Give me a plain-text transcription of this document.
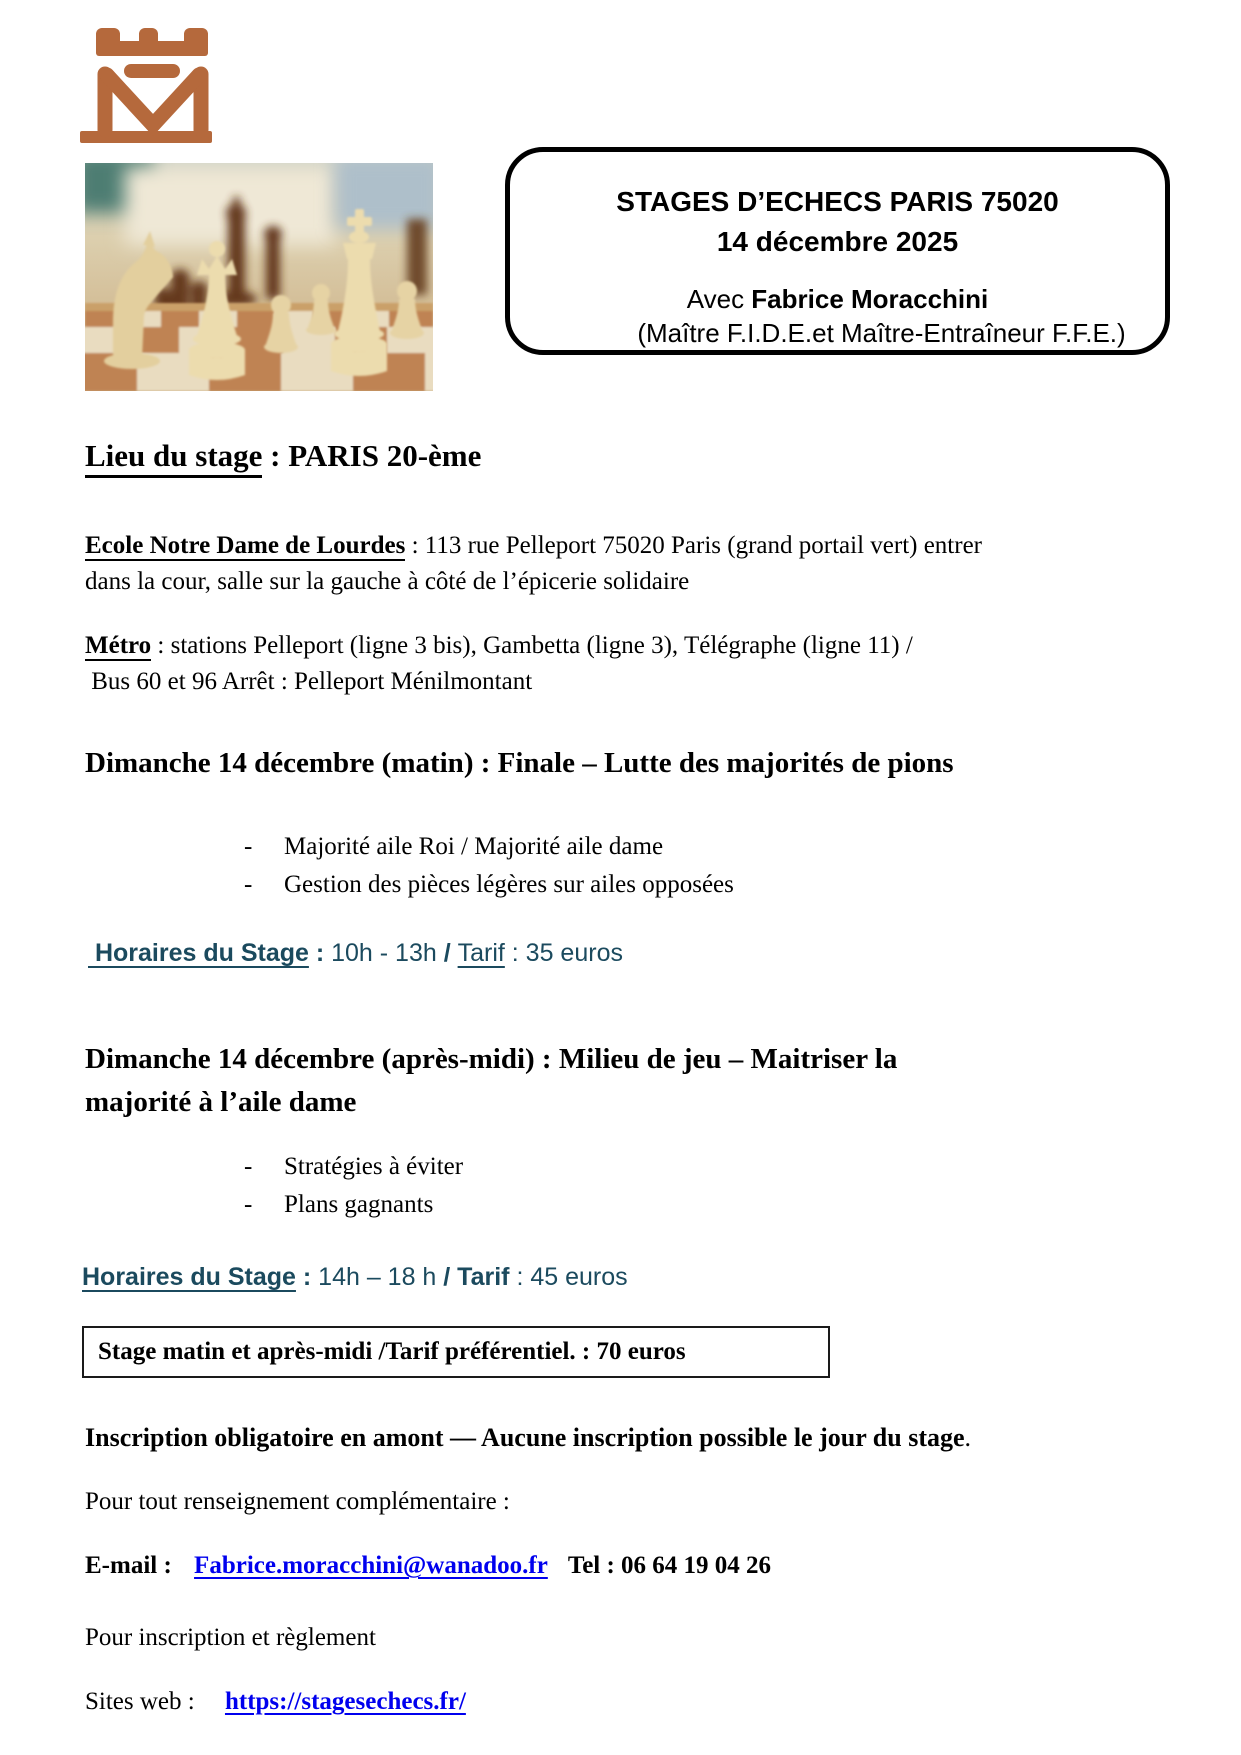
STAGES D’ECHECS PARIS 75020
14 décembre 2025
Avec Fabrice Moracchini
(Maître F.I.D.E.et Maître-Entraîneur F.F.E.)
Lieu du stage : PARIS 20-ème
Ecole Notre Dame de Lourdes : 113 rue Pelleport 75020 Paris (grand portail vert) entrer
dans la cour, salle sur la gauche à côté de l’épicerie solidaire
Métro : stations Pelleport (ligne 3 bis), Gambetta (ligne 3), Télégraphe (ligne 11) /
Bus 60 et 96 Arrêt : Pelleport Ménilmontant
Dimanche 14 décembre (matin) : Finale – Lutte des majorités de pions
- Majorité aile Roi / Majorité aile dame
- Gestion des pièces légères sur ailes opposées
Horaires du Stage : 10h - 13h / Tarif : 35 euros
Dimanche 14 décembre (après-midi) : Milieu de jeu – Maitriser la
majorité à l’aile dame
- Stratégies à éviter
- Plans gagnants
Horaires du Stage : 14h – 18 h / Tarif : 45 euros
Stage matin et après-midi /Tarif préférentiel. : 70 euros
Inscription obligatoire en amont — Aucune inscription possible le jour du stage.
Pour tout renseignement complémentaire :
E-mail : Fabrice.moracchini@wanadoo.fr Tel : 06 64 19 04 26
Pour inscription et règlement
Sites web : https://stagesechecs.fr/
